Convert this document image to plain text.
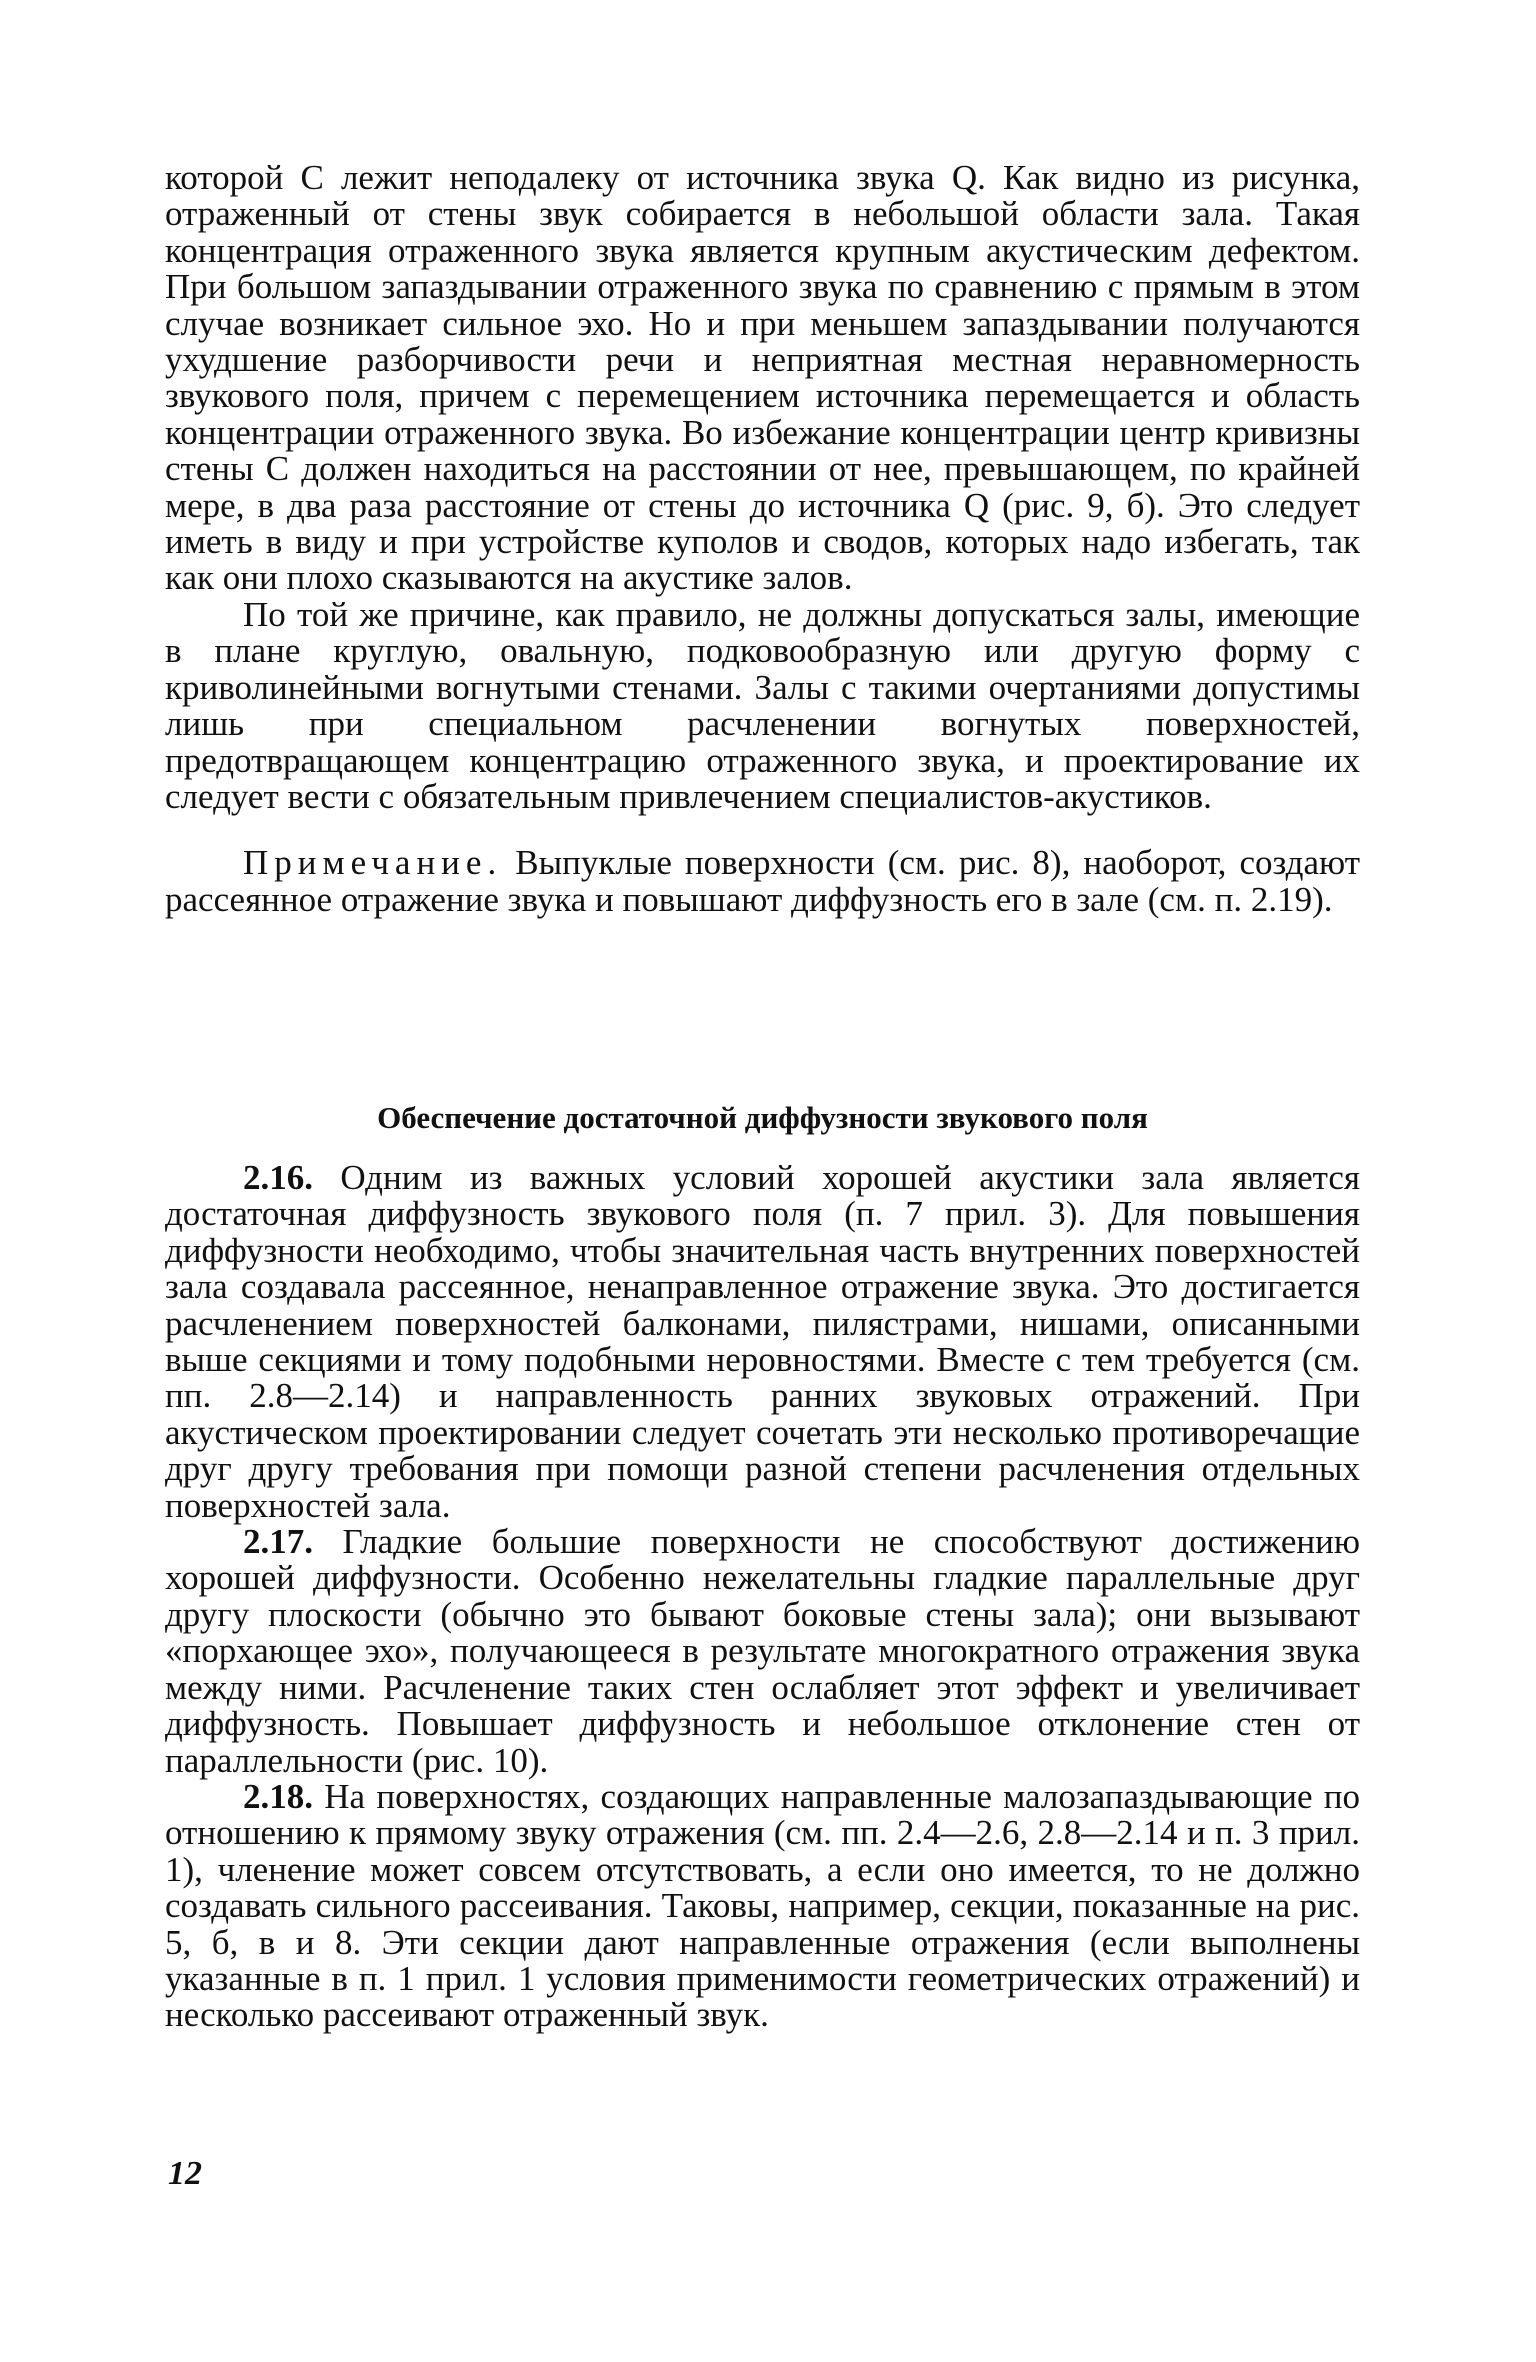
которой С лежит неподалеку от источника звука Q. Как видно из рисунка, отраженный от стены звук собирается в небольшой области зала. Такая концентрация отраженного звука является крупным акустическим дефектом. При большом запаздывании отраженного звука по сравнению с прямым в этом случае возникает сильное эхо. Но и при меньшем запаздывании получаются ухудшение разборчивости речи и неприятная местная неравномерность звукового поля, причем с перемещением источника перемещается и область концентрации отраженного звука. Во избежание концентрации центр кривизны стены С должен находиться на расстоянии от нее, превышающем, по крайней мере, в два раза расстояние от стены до источника Q (рис. 9, б). Это следует иметь в виду и при устройстве куполов и сводов, которых надо избегать, так как они плохо сказываются на акустике залов.

По той же причине, как правило, не должны допускаться залы, имеющие в плане круглую, овальную, подковообразную или другую форму с криволинейными вогнутыми стенами. Залы с такими очертаниями допустимы лишь при специальном расчленении вогнутых поверхностей, предотвращающем концентрацию отраженного звука, и проектирование их следует вести с обязательным привлечением специалистов-акустиков.

Примечание. Выпуклые поверхности (см. рис. 8), наоборот, создают рассеянное отражение звука и повышают диффузность его в зале (см. п. 2.19).

Обеспечение достаточной диффузности звукового поля

2.16. Одним из важных условий хорошей акустики зала является достаточная диффузность звукового поля (п. 7 прил. 3). Для повышения диффузности необходимо, чтобы значительная часть внутренних поверхностей зала создавала рассеянное, ненаправленное отражение звука. Это достигается расчленением поверхностей балконами, пилястрами, нишами, описанными выше секциями и тому подобными неровностями. Вместе с тем требуется (см. пп. 2.8—2.14) и направленность ранних звуковых отражений. При акустическом проектировании следует сочетать эти несколько противоречащие друг другу требования при помощи разной степени расчленения отдельных поверхностей зала.

2.17. Гладкие большие поверхности не способствуют достижению хорошей диффузности. Особенно нежелательны гладкие параллельные друг другу плоскости (обычно это бывают боковые стены зала); они вызывают «порхающее эхо», получающееся в результате многократного отражения звука между ними. Расчленение таких стен ослабляет этот эффект и увеличивает диффузность. Повышает диффузность и небольшое отклонение стен от параллельности (рис. 10).

2.18. На поверхностях, создающих направленные малозапаздывающие по отношению к прямому звуку отражения (см. пп. 2.4—2.6, 2.8—2.14 и п. 3 прил. 1), членение может совсем отсутствовать, а если оно имеется, то не должно создавать сильного рассеивания. Таковы, например, секции, показанные на рис. 5, б, в и 8. Эти секции дают направленные отражения (если выполнены указанные в п. 1 прил. 1 условия применимости геометрических отражений) и несколько рассеивают отраженный звук.

12
